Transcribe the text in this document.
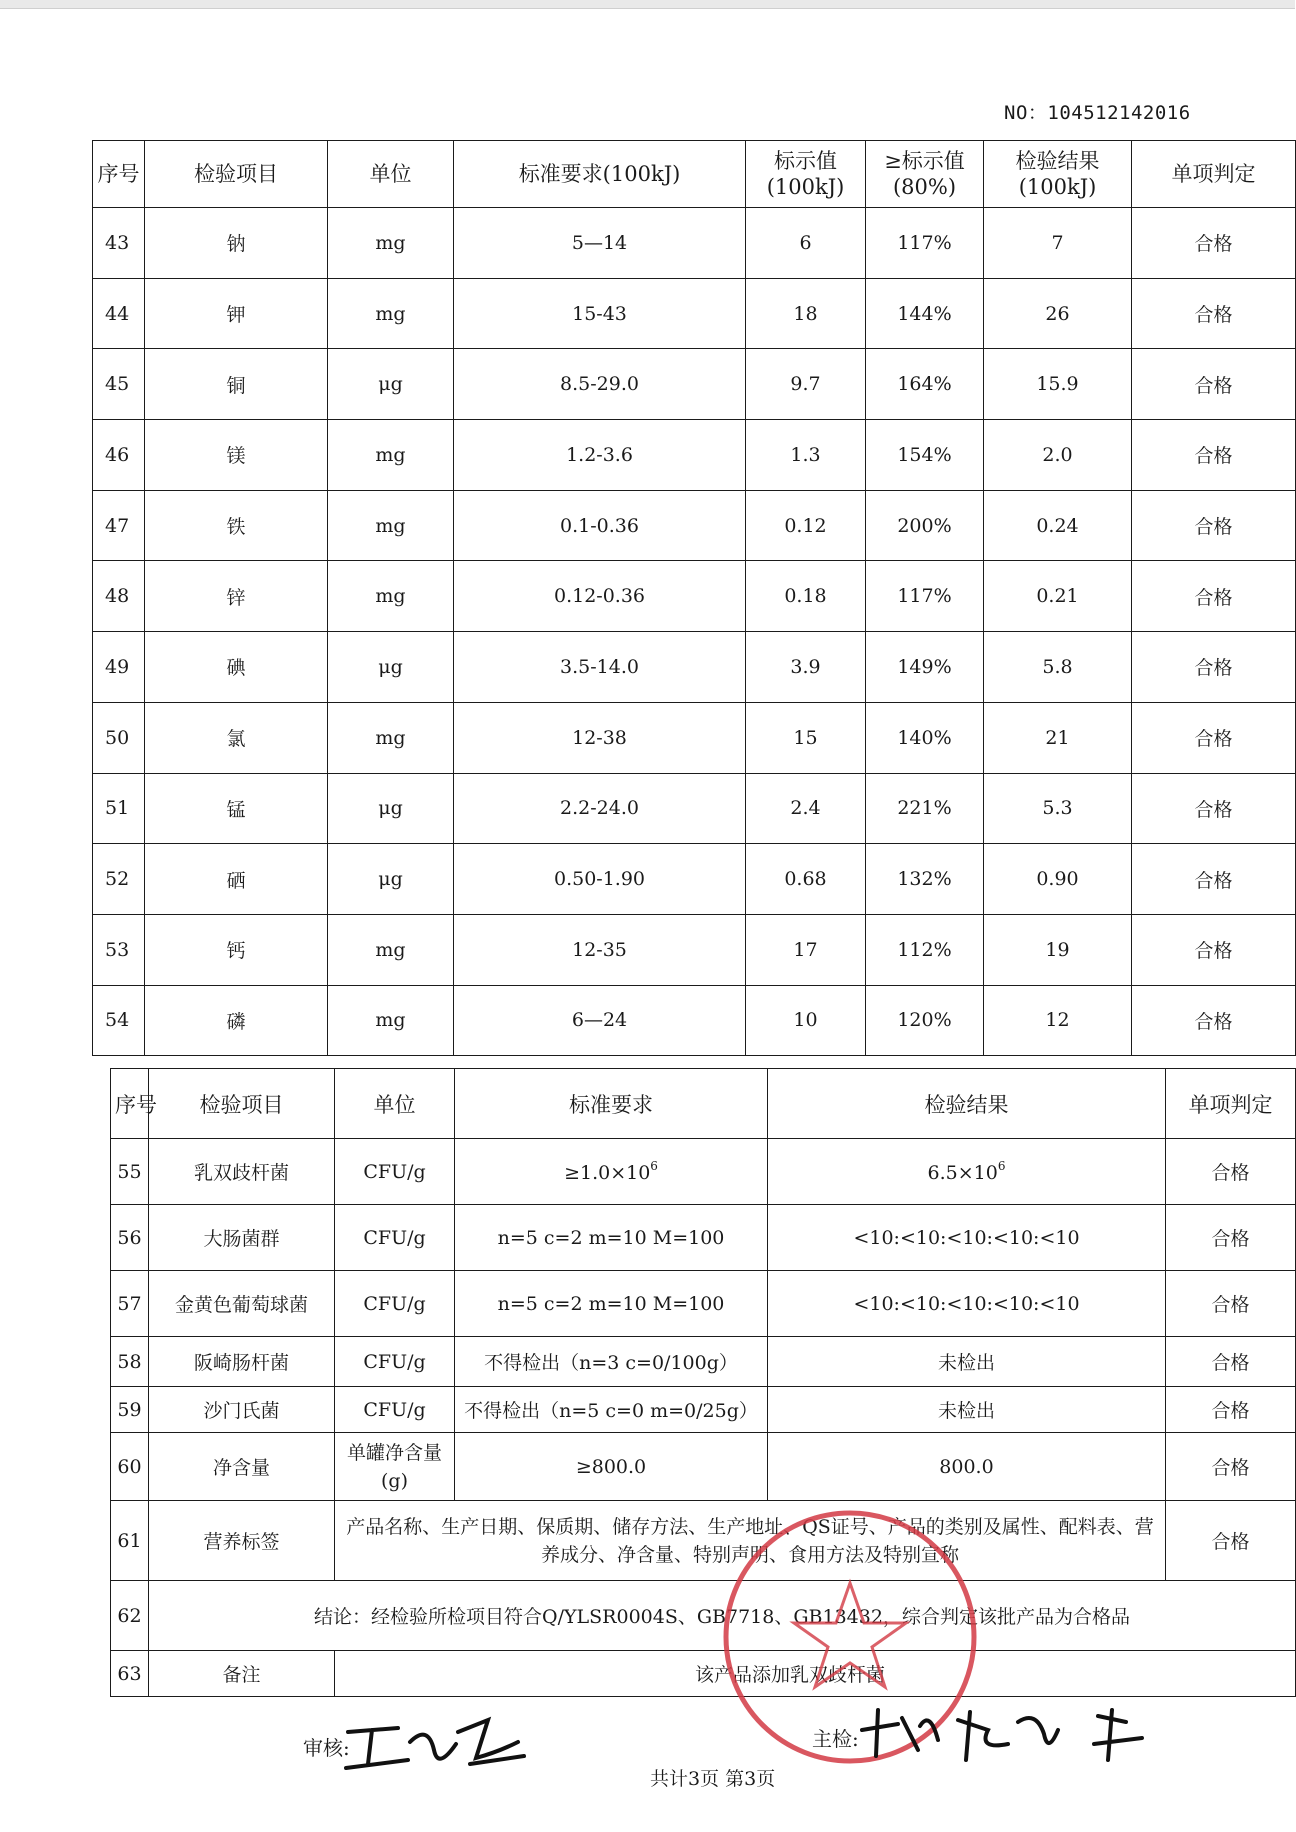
NO：104512142016
序号	检验项目	单位	标准要求(100kJ)	标示值(100kJ)	≥标示值(80%)	检验结果(100kJ)	单项判定
43	钠	mg	5—14	6	117%	7	合格
44	钾	mg	15-43	18	144%	26	合格
45	铜	μg	8.5-29.0	9.7	164%	15.9	合格
46	镁	mg	1.2-3.6	1.3	154%	2.0	合格
47	铁	mg	0.1-0.36	0.12	200%	0.24	合格
48	锌	mg	0.12-0.36	0.18	117%	0.21	合格
49	碘	μg	3.5-14.0	3.9	149%	5.8	合格
50	氯	mg	12-38	15	140%	21	合格
51	锰	μg	2.2-24.0	2.4	221%	5.3	合格
52	硒	μg	0.50-1.90	0.68	132%	0.90	合格
53	钙	mg	12-35	17	112%	19	合格
54	磷	mg	6—24	10	120%	12	合格
序号	检验项目	单位	标准要求	检验结果	单项判定
55	乳双歧杆菌	CFU/g	$\ge 1.0\times 10^6$	$6.5\times 10^6$	合格
56	大肠菌群	CFU/g	n=5 c=2 m=10 M=100	<10:<10:<10:<10:<10	合格
57	金黄色葡萄球菌	CFU/g	n=5 c=2 m=10 M=100	<10:<10:<10:<10:<10	合格
58	阪崎肠杆菌	CFU/g	不得检出（n=3 c=0/100g）	未检出	合格
59	沙门氏菌	CFU/g	不得检出（n=5 c=0 m=0/25g）	未检出	合格
60	净含量	单罐净含量(g)	≥800.0	800.0	合格
61	营养标签	产品名称、生产日期、保质期、储存方法、生产地址、QS证号、产品的类别及属性、配料表、营养成分、净含量、特别声明、食用方法及特别宣称			合格
62	结论：经检验所检项目符合Q/YLSR0004S、GB7718、GB13432，综合判定该批产品为合格品				
63	备注	该产品添加乳双歧杆菌			
审核:	主检:
共计3页 第3页
